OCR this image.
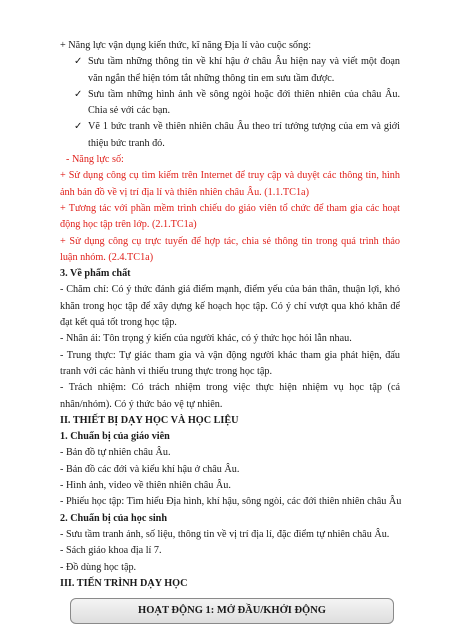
+ Năng lực vận dụng kiến thức, kĩ năng Địa lí vào cuộc sống:
✓ Sưu tầm những thông tin về khí hậu ở châu Âu hiện nay và viết một đoạn văn ngắn thể hiện tóm tắt những thông tin em sưu tầm được.
✓ Sưu tầm những hình ảnh về sông ngòi hoặc đới thiên nhiên của châu Âu. Chia sẻ với các bạn.
✓ Vẽ 1 bức tranh về thiên nhiên châu Âu theo trí tưởng tượng của em và giới thiệu bức tranh đó.
- Năng lực số:
+ Sử dụng công cụ tìm kiếm trên Internet để truy cập và duyệt các thông tin, hình ảnh bản đồ về vị trí địa lí và thiên nhiên châu Âu. (1.1.TC1a)
+ Tương tác với phần mềm trình chiếu do giáo viên tổ chức để tham gia các hoạt động học tập trên lớp. (2.1.TC1a)
+ Sử dụng công cụ trực tuyến để hợp tác, chia sẻ thông tin trong quá trình thảo luận nhóm. (2.4.TC1a)
3. Về phẩm chất
- Chăm chỉ: Có ý thức đánh giá điểm mạnh, điểm yếu của bản thân, thuận lợi, khó khăn trong học tập để xây dựng kế hoạch học tập. Có ý chí vượt qua khó khăn để đạt kết quả tốt trong học tập.
- Nhân ái: Tôn trọng ý kiến của người khác, có ý thức học hỏi lẫn nhau.
- Trung thực: Tự giác tham gia và vận động người khác tham gia phát hiện, đấu tranh với các hành vi thiếu trung thực trong học tập.
- Trách nhiệm: Có trách nhiệm trong việc thực hiện nhiệm vụ học tập (cá nhân/nhóm). Có ý thức bảo vệ tự nhiên.
II. THIẾT BỊ DẠY HỌC VÀ HỌC LIỆU
1. Chuẩn bị của giáo viên
- Bản đồ tự nhiên châu Âu.
- Bản đồ các đới và kiểu khí hậu ở châu Âu.
- Hình ảnh, video về thiên nhiên châu Âu.
- Phiếu học tập: Tìm hiểu Địa hình, khí hậu, sông ngòi, các đới thiên nhiên châu Âu
2. Chuẩn bị của học sinh
- Sưu tầm tranh ảnh, số liệu, thông tin về vị trí địa lí, đặc điểm tự nhiên châu Âu.
- Sách giáo khoa địa lí 7.
- Đồ dùng học tập.
III. TIẾN TRÌNH DẠY HỌC
HOẠT ĐỘNG 1: MỞ ĐẦU/KHỞI ĐỘNG
